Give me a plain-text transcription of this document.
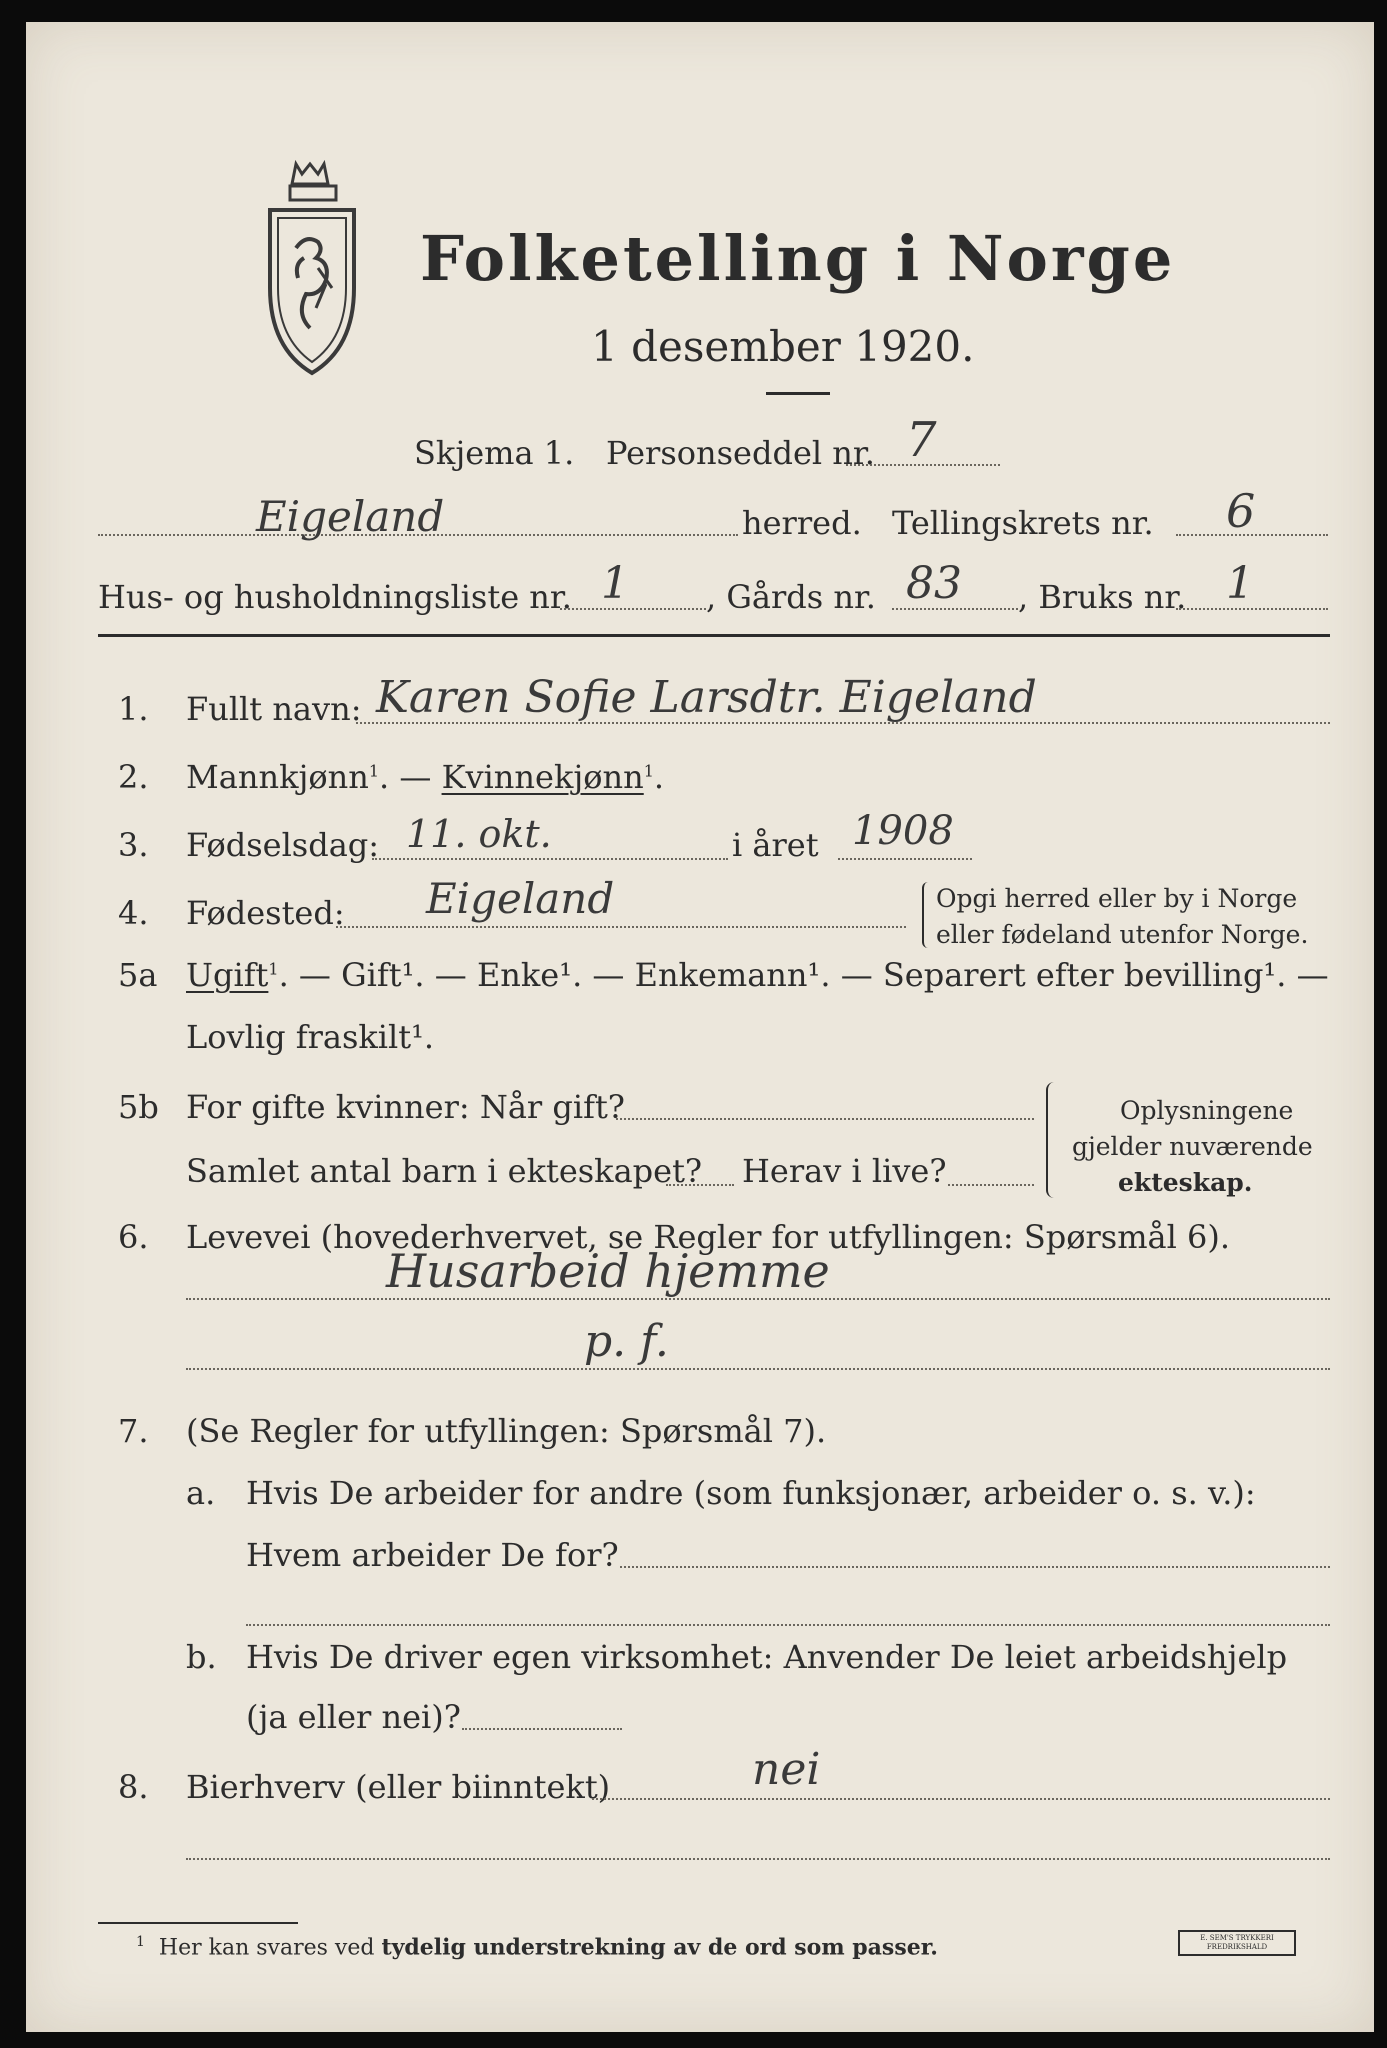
Folketelling i Norge
1 desember 1920.
Skjema 1. Personseddel nr. 7
Eigeland	herred. Tellingskrets nr. 6
Hus- og husholdningsliste nr. 1 , Gårds nr. 83 , Bruks nr. 1
1. Fullt navn: Karen Sofie Larsdtr. Eigeland
2. Mannkjønn$^1$. — Kvinnekjønn$^1$.
3. Fødselsdag: 11. okt.	i året 1908
4. Fødested: Eigeland	Opgi herred eller by i Norge
eller fødeland utenfor Norge.
5a Ugift$^1$. — Gift¹. — Enke¹. — Enkemann¹. — Separert efter bevilling¹. —
Lovlig fraskilt¹.
5b For gifte kvinner: Når gift?
Samlet antal barn i ekteskapet? Herav i live?
Oplysningene
gjelder nuværende
ekteskap.
6. Levevei (hovederhvervet, se Regler for utfyllingen: Spørsmål 6).
Husarbeid hjemme
p. f.
7. (Se Regler for utfyllingen: Spørsmål 7).
a. Hvis De arbeider for andre (som funksjonær, arbeider o. s. v.):
Hvem arbeider De for?
b. Hvis De driver egen virksomhet: Anvender De leiet arbeidshjelp
(ja eller nei)?
8. Bierhverv (eller biinntekt)	nei
$^1$ Her kan svares ved tydelig understrekning av de ord som passer.	E. SEM'S TRYKKERI FREDRIKSHALD
